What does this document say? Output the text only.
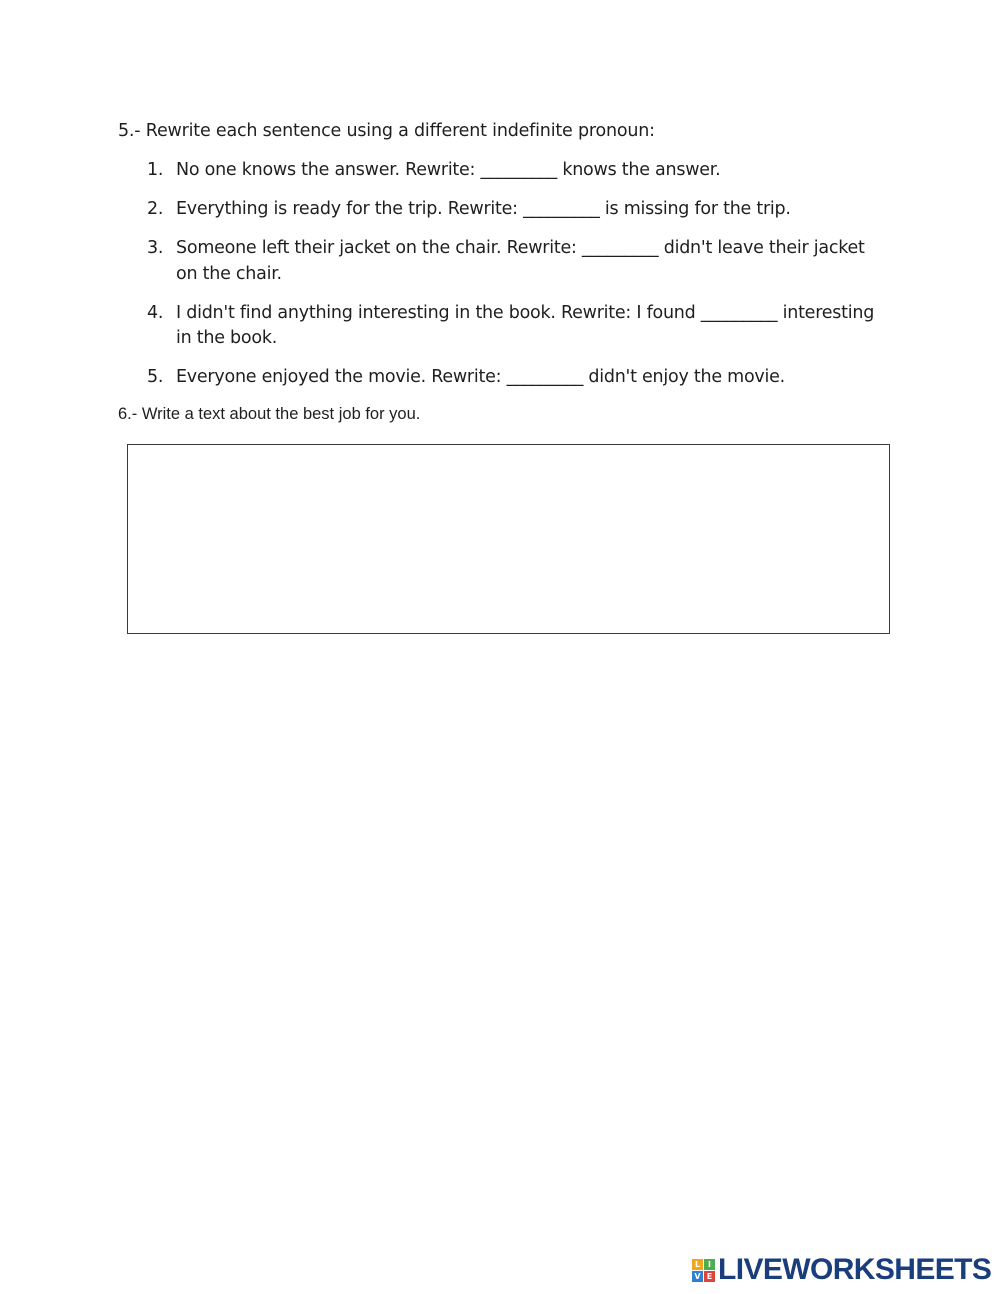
5.- Rewrite each sentence using a different indefinite pronoun:
1. No one knows the answer. Rewrite: _________ knows the answer.
2. Everything is ready for the trip. Rewrite: _________ is missing for the trip.
3. Someone left their jacket on the chair. Rewrite: _________ didn't leave their jacket on the chair.
4. I didn't find anything interesting in the book. Rewrite: I found _________ interesting in the book.
5. Everyone enjoyed the movie. Rewrite: _________ didn't enjoy the movie.
6.- Write a text about the best job for you.
L I
V E LIVEWORKSHEETS
